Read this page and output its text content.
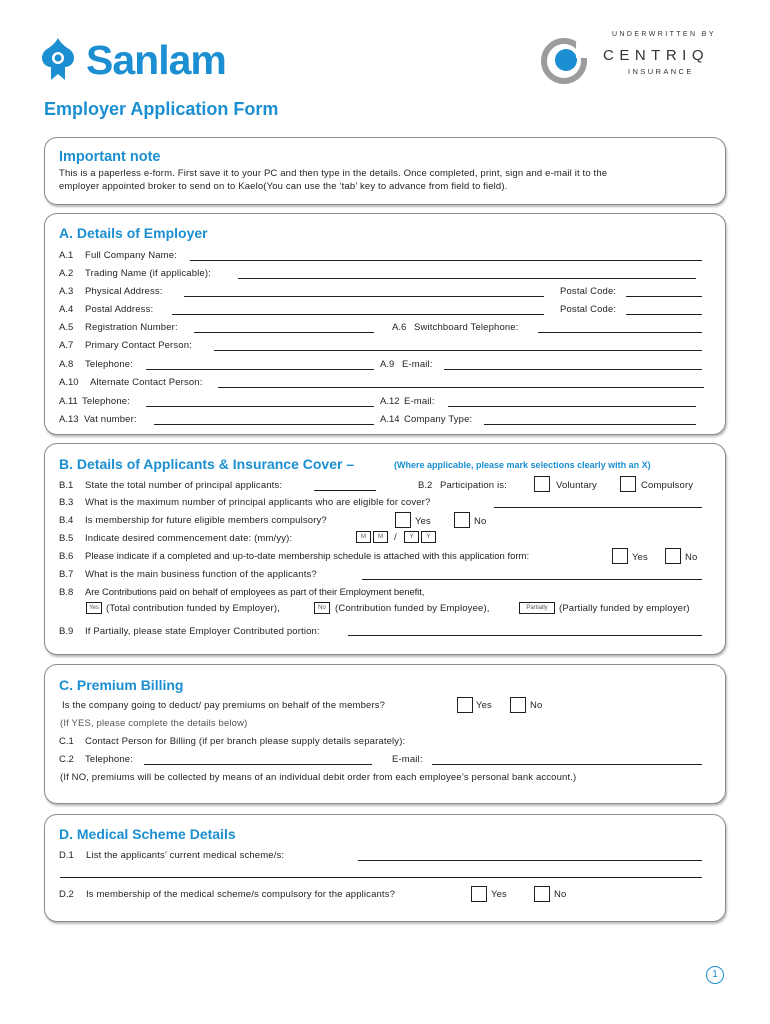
Sanlam
UNDERWRITTEN BY
CENTRIQ
INSURANCE
Employer Application Form
Important note
This is a paperless e-form. First save it to your PC and then type in the details. Once completed, print, sign and e-mail it to the
employer appointed broker to send on to Kaelo(You can use the ‘tab’ key to advance from field to field).
A. Details of Employer
A.1 Full Company Name:
A.2 Trading Name (if applicable):
A.3 Physical Address:	Postal Code:
A.4 Postal Address:	Postal Code:
A.5 Registration Number:	A.6 Switchboard Telephone:
A.7 Primary Contact Person:
A.8 Telephone:	A.9 E-mail:
A.10 Alternate Contact Person:
A.11 Telephone:	A.12 E-mail:
A.13 Vat number:	A.14 Company Type:
B. Details of Applicants & Insurance Cover –	(Where applicable, please mark selections clearly with an X)
B.1 State the total number of principal applicants:	B.2 Participation is:	Voluntary	Compulsory
B.3 What is the maximum number of principal applicants who are eligible for cover?
B.4 Is membership for future eligible members compulsory?	Yes	No
B.5 Indicate desired commencement date: (mm/yy):	M	M	/	Y	Y
B.6 Please indicate if a completed and up-to-date membership schedule is attached with this application form:	Yes	No
B.7 What is the main business function of the applicants?
B.8 Are Contributions paid on behalf of employees as part of their Employment benefit,
Yes (Total contribution funded by Employer),	No (Contribution funded by Employee),	Partially	(Partially funded by employer)
B.9 If Partially, please state Employer Contributed portion:
C. Premium Billing
Is the company going to deduct/ pay premiums on behalf of the members?	Yes	No
(If YES, please complete the details below)
C.1 Contact Person for Billing (if per branch please supply details separately):
C.2 Telephone:	E-mail:
(If NO, premiums will be collected by means of an individual debit order from each employee’s personal bank account.)
D. Medical Scheme Details
D.1 List the applicants’ current medical scheme/s:
D.2 Is membership of the medical scheme/s compulsory for the applicants?	Yes	No
1
